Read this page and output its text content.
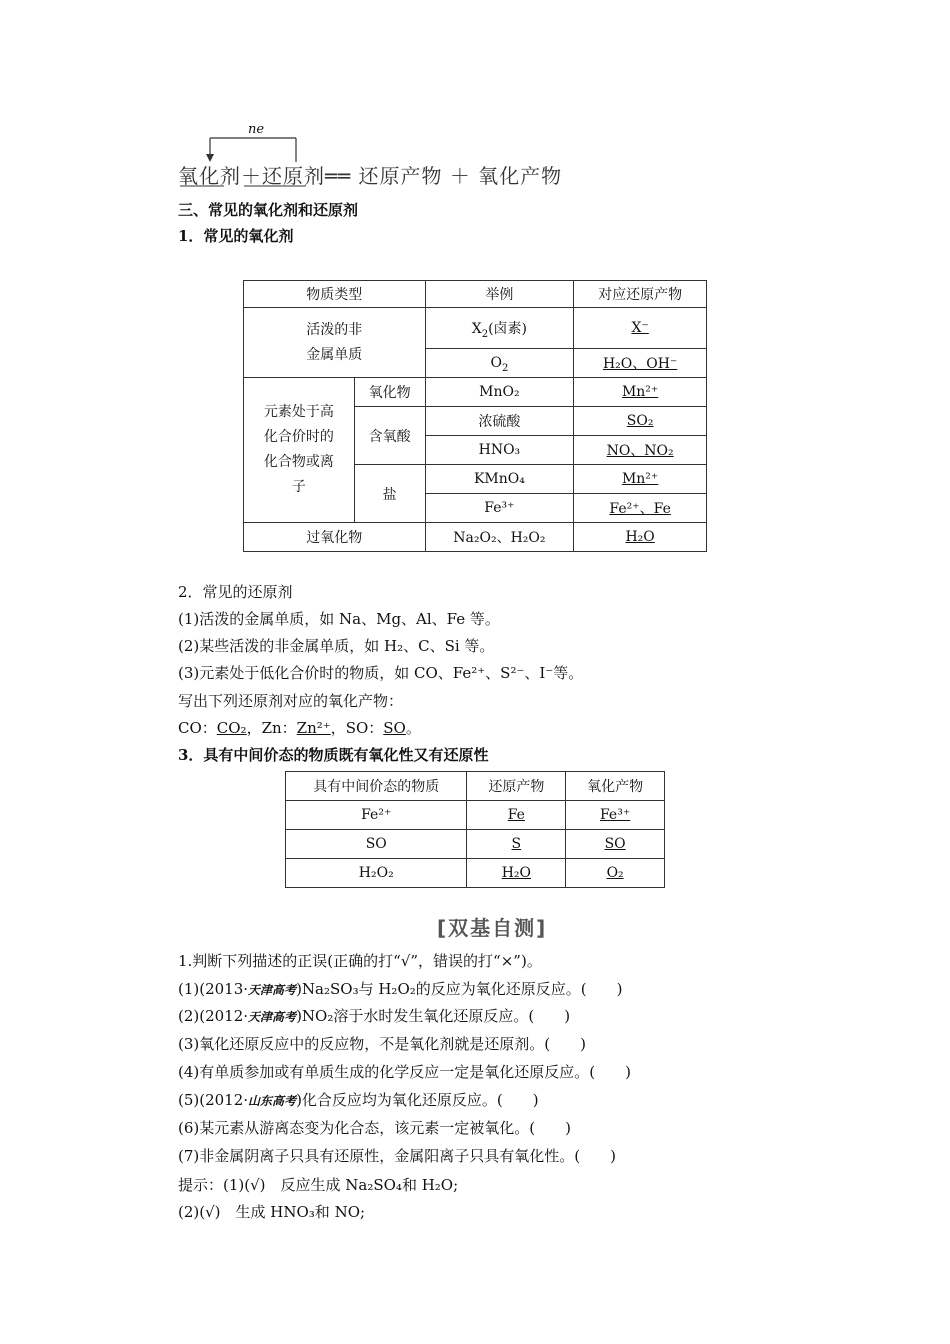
ne
氧化剂＋还原剂══ 还原产物 ＋ 氧化产物
三、常见的氧化剂和还原剂
1．常见的氧化剂
物质类型		举例	对应还原产物
活泼的非
金属单质		$X_2$(卤素)	X⁻
		$O_2$	H₂O、OH⁻
元素处于高
化合价时的
化合物或离
子	氧化物	MnO₂	Mn²⁺
	含氧酸	浓硫酸	SO₂
		HNO₃	NO、NO₂
	盐	KMnO₄	Mn²⁺
		Fe³⁺	Fe²⁺、Fe
过氧化物		Na₂O₂、H₂O₂	H₂O
2．常见的还原剂
(1)活泼的金属单质，如 Na、Mg、Al、Fe 等。
(2)某些活泼的非金属单质，如 H₂、C、Si 等。
(3)元素处于低化合价时的物质，如 CO、Fe²⁺、S²⁻、I⁻等。
写出下列还原剂对应的氧化产物：
CO：CO₂，Zn：Zn²⁺，SO：SO。
3．具有中间价态的物质既有氧化性又有还原性
具有中间价态的物质	还原产物	氧化产物
Fe²⁺	Fe	Fe³⁺
SO	S	SO
H₂O₂	H₂O	O₂
[双基自测]
1.判断下列描述的正误(正确的打“√”，错误的打“×”)。
(1)(2013·天津高考)Na₂SO₃与 H₂O₂的反应为氧化还原反应。(　　)
(2)(2012·天津高考)NO₂溶于水时发生氧化还原反应。(　　)
(3)氧化还原反应中的反应物，不是氧化剂就是还原剂。(　　)
(4)有单质参加或有单质生成的化学反应一定是氧化还原反应。(　　)
(5)(2012·山东高考)化合反应均为氧化还原反应。(　　)
(6)某元素从游离态变为化合态，该元素一定被氧化。(　　)
(7)非金属阴离子只具有还原性，金属阳离子只具有氧化性。(　　)
提示：(1)(√)　反应生成 Na₂SO₄和 H₂O;
(2)(√)　生成 HNO₃和 NO;
